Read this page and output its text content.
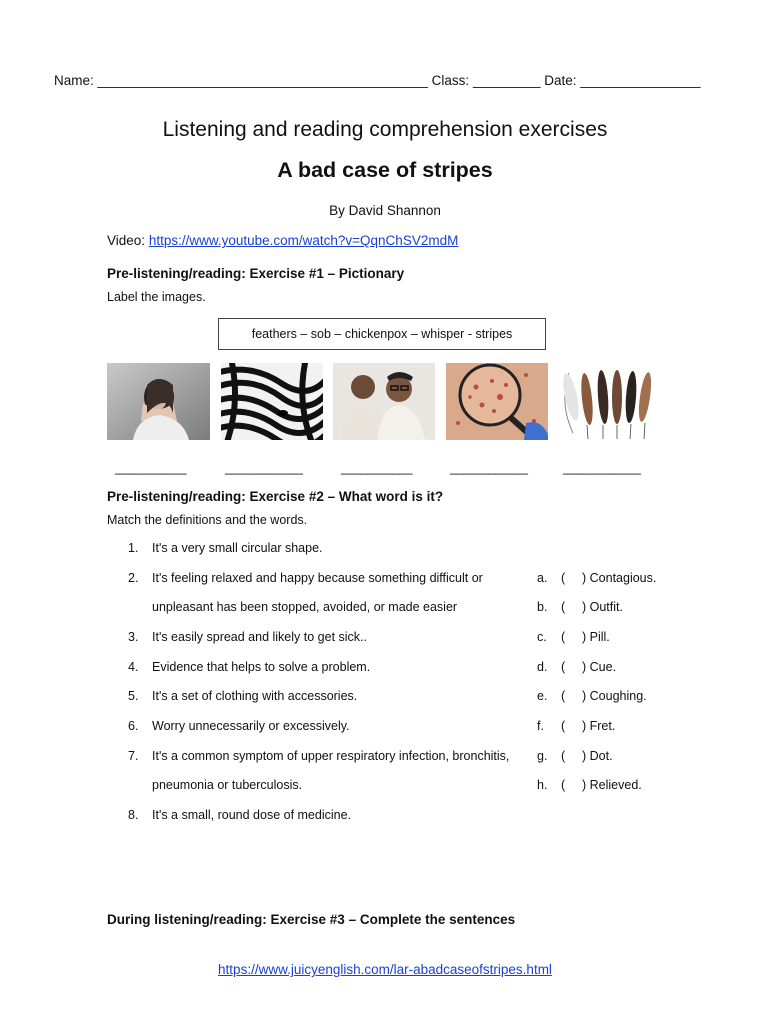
Name: ____________________________________________ Class: _________ Date: ________________
Listening and reading comprehension exercises
A bad case of stripes
By David Shannon
Video: https://www.youtube.com/watch?v=QqnChSV2mdM
Pre-listening/reading: Exercise #1 – Pictionary
Label the images.
feathers – sob – chickenpox – whisper - stripes
___________	____________	___________	____________	____________
Pre-listening/reading: Exercise #2 – What word is it?
Match the definitions and the words.
1. It's a very small circular shape.
2. It's feeling relaxed and happy because something difficult or
unpleasant has been stopped, avoided, or made easier
3. It's easily spread and likely to get sick..
4. Evidence that helps to solve a problem.
5. It's a set of clothing with accessories.
6. Worry unnecessarily or excessively.
7. It's a common symptom of upper respiratory infection, bronchitis,
pneumonia or tuberculosis.
8. It's a small, round dose of medicine.
a. ( ) Contagious.
b. ( ) Outfit.
c. ( ) Pill.
d. ( ) Cue.
e. ( ) Coughing.
f. ( ) Fret.
g. ( ) Dot.
h. ( ) Relieved.
During listening/reading: Exercise #3 – Complete the sentences
https://www.juicyenglish.com/lar-abadcaseofstripes.html
